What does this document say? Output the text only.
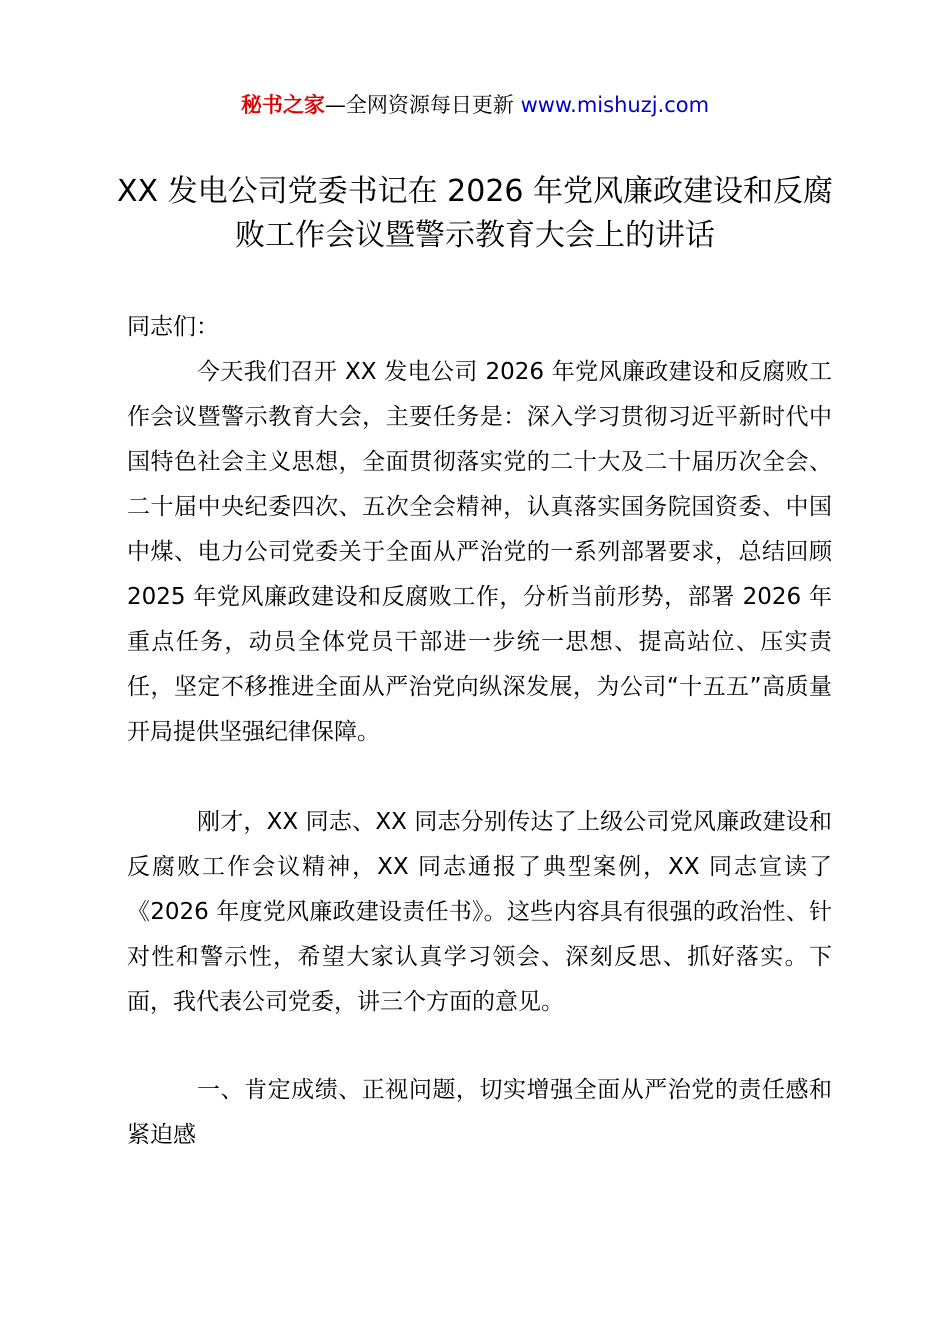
秘书之家—全网资源每日更新 www.mishuzj.com
XX 发电公司党委书记在 2026 年党风廉政建设和反腐败工作会议暨警示教育大会上的讲话

同志们：

今天我们召开 XX 发电公司 2026 年党风廉政建设和反腐败工作会议暨警示教育大会，主要任务是：深入学习贯彻习近平新时代中国特色社会主义思想，全面贯彻落实党的二十大及二十届历次全会、二十届中央纪委四次、五次全会精神，认真落实国务院国资委、中国中煤、电力公司党委关于全面从严治党的一系列部署要求，总结回顾 2025 年党风廉政建设和反腐败工作，分析当前形势，部署 2026 年重点任务，动员全体党员干部进一步统一思想、提高站位、压实责任，坚定不移推进全面从严治党向纵深发展，为公司“十五五”高质量开局提供坚强纪律保障。

刚才，XX 同志、XX 同志分别传达了上级公司党风廉政建设和反腐败工作会议精神，XX 同志通报了典型案例，XX 同志宣读了《2026 年度党风廉政建设责任书》。这些内容具有很强的政治性、针对性和警示性，希望大家认真学习领会、深刻反思、抓好落实。下面，我代表公司党委，讲三个方面的意见。

一、肯定成绩、正视问题，切实增强全面从严治党的责任感和紧迫感
